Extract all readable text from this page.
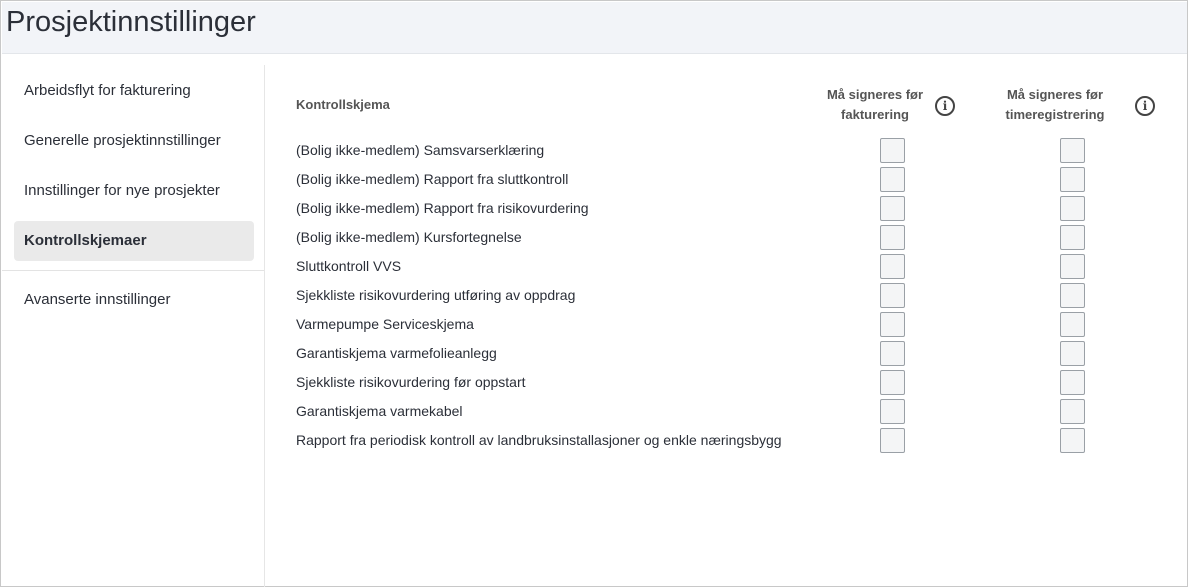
Prosjektinnstillinger
Arbeidsflyt for fakturering
Generelle prosjektinnstillinger
Innstillinger for nye prosjekter
Kontrollskjemaer
Avanserte innstillinger
Kontrollskjema
Må signeres før
fakturering
i
Må signeres før
timeregistrering
i
(Bolig ikke-medlem) Samsvarserklæring
(Bolig ikke-medlem) Rapport fra sluttkontroll
(Bolig ikke-medlem) Rapport fra risikovurdering
(Bolig ikke-medlem) Kursfortegnelse
Sluttkontroll VVS
Sjekkliste risikovurdering utføring av oppdrag
Varmepumpe Serviceskjema
Garantiskjema varmefolieanlegg
Sjekkliste risikovurdering før oppstart
Garantiskjema varmekabel
Rapport fra periodisk kontroll av landbruksinstallasjoner og enkle næringsbygg
